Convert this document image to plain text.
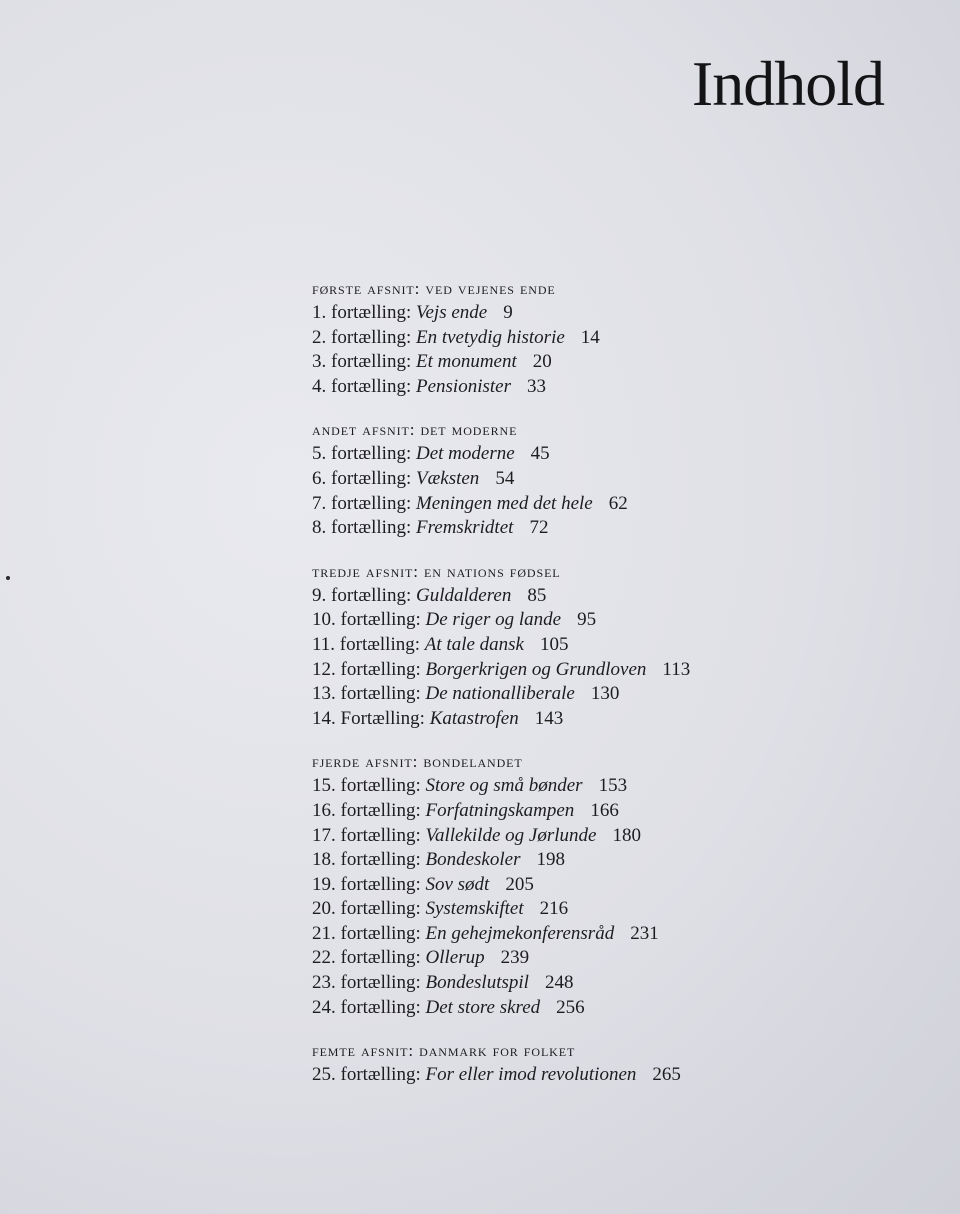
Indhold
første afsnit: ved vejenes ende
1. fortælling: Vejs ende 9
2. fortælling: En tvetydig historie 14
3. fortælling: Et monument 20
4. fortælling: Pensionister 33
andet afsnit: det moderne
5. fortælling: Det moderne 45
6. fortælling: Væksten 54
7. fortælling: Meningen med det hele 62
8. fortælling: Fremskridtet 72
tredje afsnit: en nations fødsel
9. fortælling: Guldalderen 85
10. fortælling: De riger og lande 95
11. fortælling: At tale dansk 105
12. fortælling: Borgerkrigen og Grundloven 113
13. fortælling: De nationalliberale 130
14. Fortælling: Katastrofen 143
fjerde afsnit: bondelandet
15. fortælling: Store og små bønder 153
16. fortælling: Forfatningskampen 166
17. fortælling: Vallekilde og Jørlunde 180
18. fortælling: Bondeskoler 198
19. fortælling: Sov sødt 205
20. fortælling: Systemskiftet 216
21. fortælling: En gehejmekonferensråd 231
22. fortælling: Ollerup 239
23. fortælling: Bondeslutspil 248
24. fortælling: Det store skred 256
femte afsnit: danmark for folket
25. fortælling: For eller imod revolutionen 265
